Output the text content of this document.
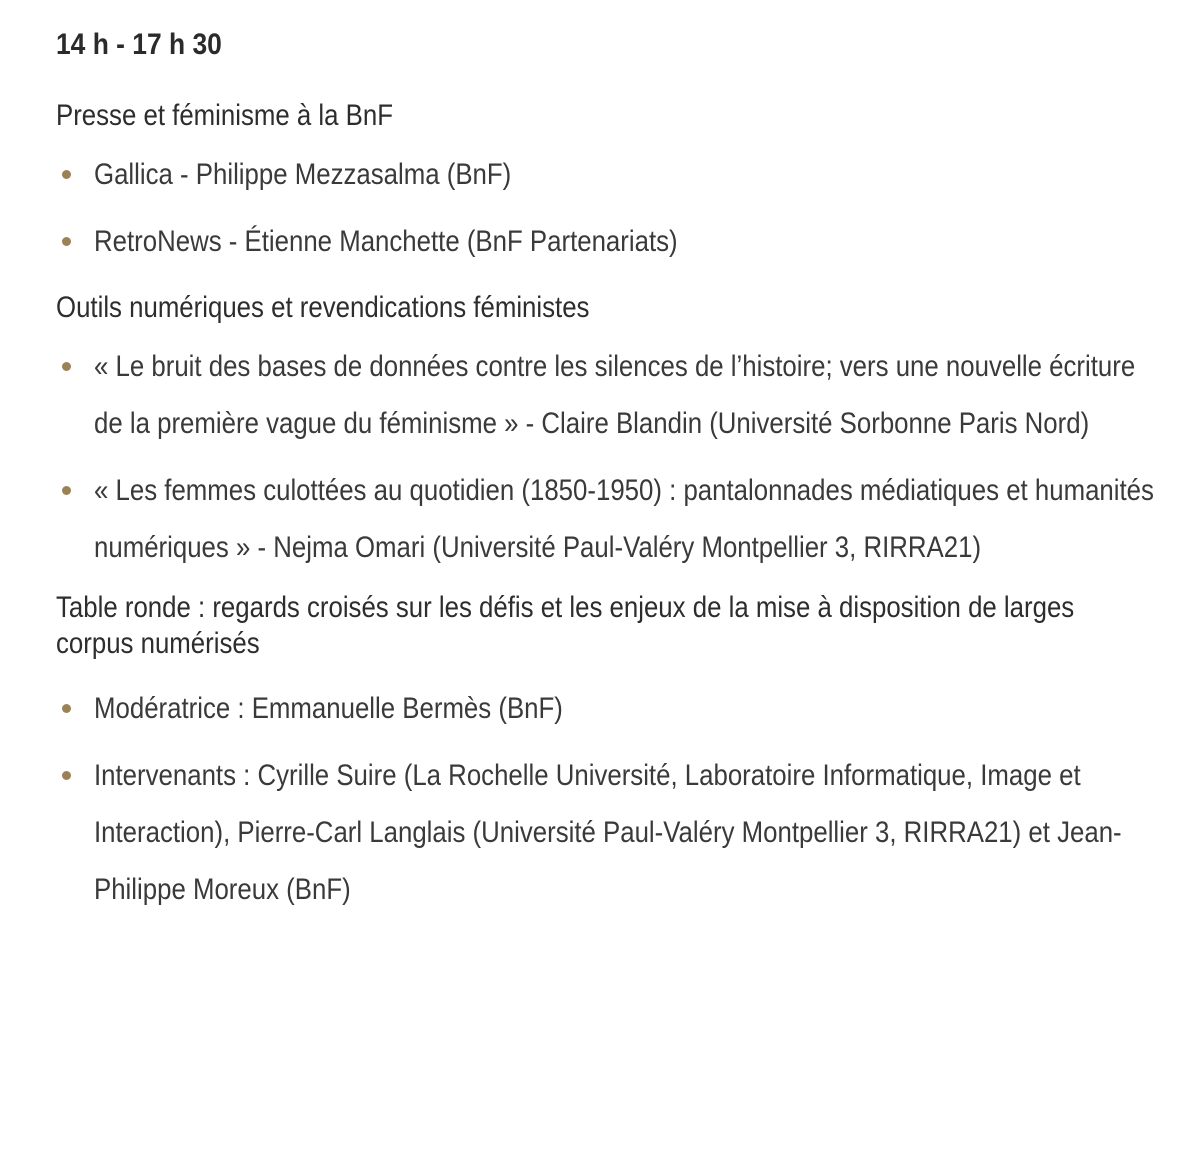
14 h - 17 h 30
Presse et féminisme à la BnF
Gallica - Philippe Mezzasalma (BnF)
RetroNews - Étienne Manchette (BnF Partenariats)
Outils numériques et revendications féministes
« Le bruit des bases de données contre les silences de l’histoire; vers une nouvelle écriture de la première vague du féminisme » - Claire Blandin (Université Sorbonne Paris Nord)
« Les femmes culottées au quotidien (1850-1950) : pantalonnades médiatiques et humanités numériques » - Nejma Omari (Université Paul-Valéry Montpellier 3, RIRRA21)
Table ronde : regards croisés sur les défis et les enjeux de la mise à disposition de larges corpus numérisés
Modératrice : Emmanuelle Bermès (BnF)
Intervenants : Cyrille Suire (La Rochelle Université, Laboratoire Informatique, Image et Interaction), Pierre-Carl Langlais (Université Paul-Valéry Montpellier 3, RIRRA21) et Jean-Philippe Moreux (BnF)
